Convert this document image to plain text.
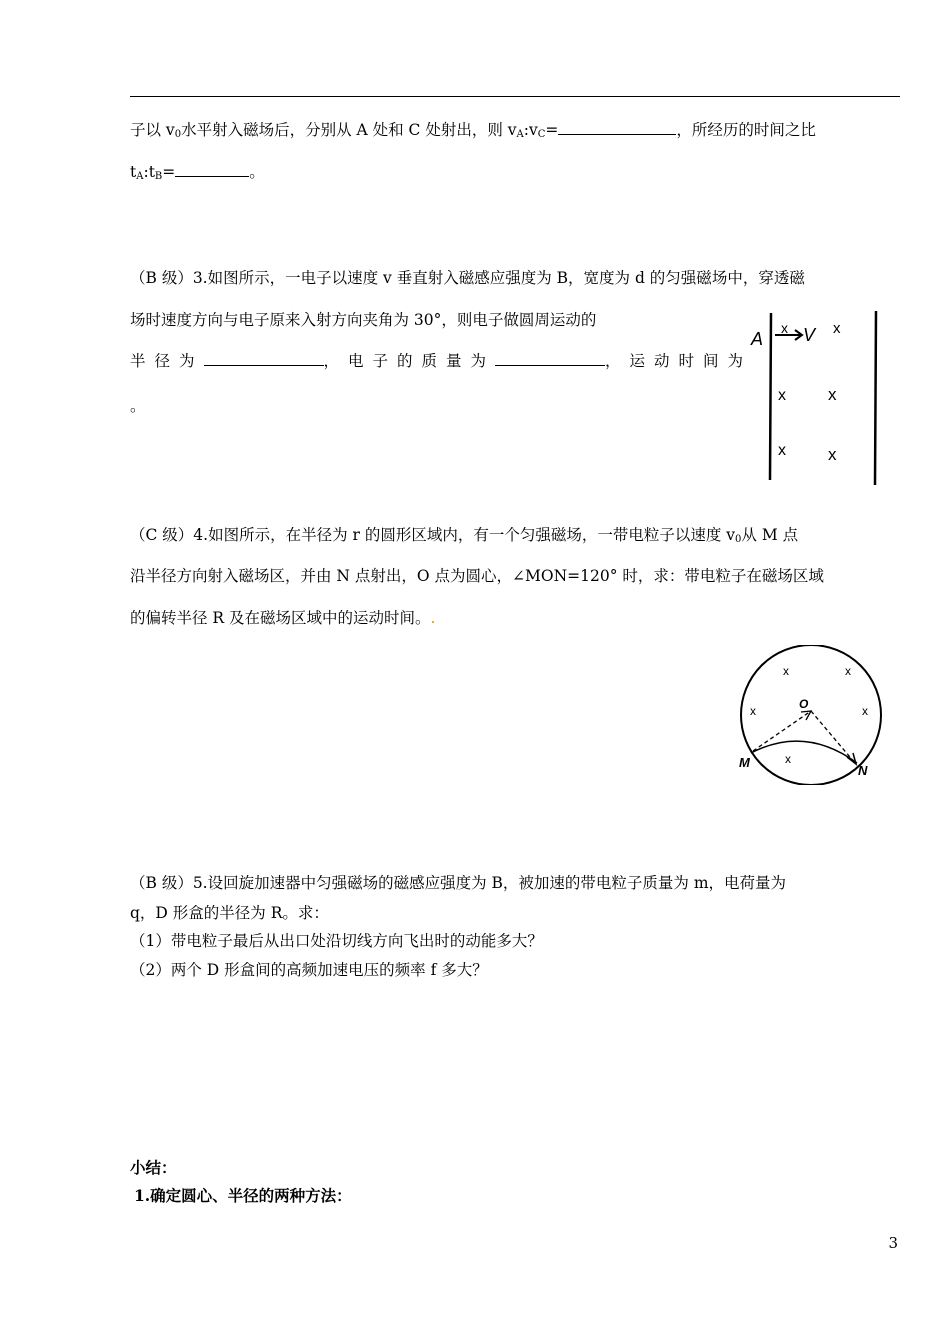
子以 $v_0$水平射入磁场后，分别从 A 处和 C 处射出，则 $v_A:v_C=$	，所经历的时间之比
$t_A:t_B=$	。
（B 级）3.如图所示，一电子以速度 v 垂直射入磁感应强度为 B，宽度为 d 的匀强磁场中，穿透磁
场时速度方向与电子原来入射方向夹角为 30°，则电子做圆周运动的
半径为	，电子的质量为	，运动时间为
。
A V
x	x
x x
x x
（C 级）4.如图所示，在半径为 r 的圆形区域内，有一个匀强磁场，一带电粒子以速度 $v_0$从 M 点
沿半径方向射入磁场区，并由 N 点射出，O 点为圆心，∠MON=120° 时，求：带电粒子在磁场区域
的偏转半径 R 及在磁场区域中的运动时间。.
O
M
N
x	x
x	x
x
（B 级）5.设回旋加速器中匀强磁场的磁感应强度为 B，被加速的带电粒子质量为 m，电荷量为
q，D 形盒的半径为 R。求：
（1）带电粒子最后从出口处沿切线方向飞出时的动能多大？
（2）两个 D 形盒间的高频加速电压的频率 f 多大？
小结：
1.确定圆心、半径的两种方法：
3
